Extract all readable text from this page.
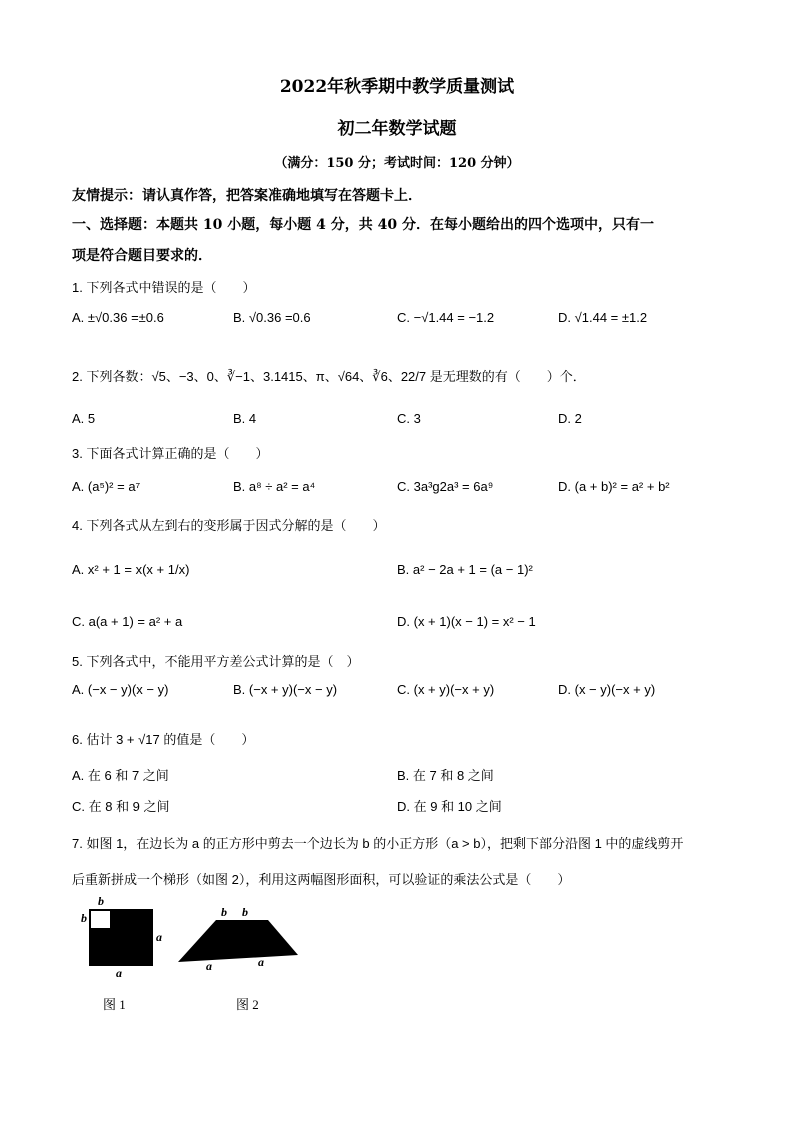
2022年秋季期中教学质量测试
初二年数学试题
（满分：150 分；考试时间：120 分钟）
友情提示：请认真作答，把答案准确地填写在答题卡上．
一、选择题：本题共 10 小题，每小题 4 分，共 40 分．在每小题给出的四个选项中，只有一
项是符合题目要求的．
1. 下列各式中错误的是（　　）
A. ±√0.36 =±0.6	B. √0.36 =0.6	C. −√1.44 = −1.2	D. √1.44 = ±1.2
2. 下列各数：√5、−3、0、∛−1、3.1415、π、√64、∛6、22/7 是无理数的有（　　）个．
A. 5	B. 4	C. 3	D. 2
3. 下面各式计算正确的是（　　）
A. (a⁵)² = a⁷	B. a⁸ ÷ a² = a⁴	C. 3a³g2a³ = 6a⁹	D. (a + b)² = a² + b²
4. 下列各式从左到右的变形属于因式分解的是（　　）
A. x² + 1 = x(x + 1/x)	B. a² − 2a + 1 = (a − 1)²
C. a(a + 1) = a² + a	D. (x + 1)(x − 1) = x² − 1
5. 下列各式中，不能用平方差公式计算的是（　）
A. (−x − y)(x − y)	B. (−x + y)(−x − y)	C. (x + y)(−x + y)	D. (x − y)(−x + y)
6. 估计 3 + √17 的值是（　　）
A. 在 6 和 7 之间	B. 在 7 和 8 之间
C. 在 8 和 9 之间	D. 在 9 和 10 之间
7. 如图 1，在边长为 a 的正方形中剪去一个边长为 b 的小正方形（a > b），把剩下部分沿图 1 中的虚线剪开
后重新拼成一个梯形（如图 2），利用这两幅图形面积，可以验证的乘法公式是（　　）
b
b
a
a
图 1
b b
a	a
图 2
